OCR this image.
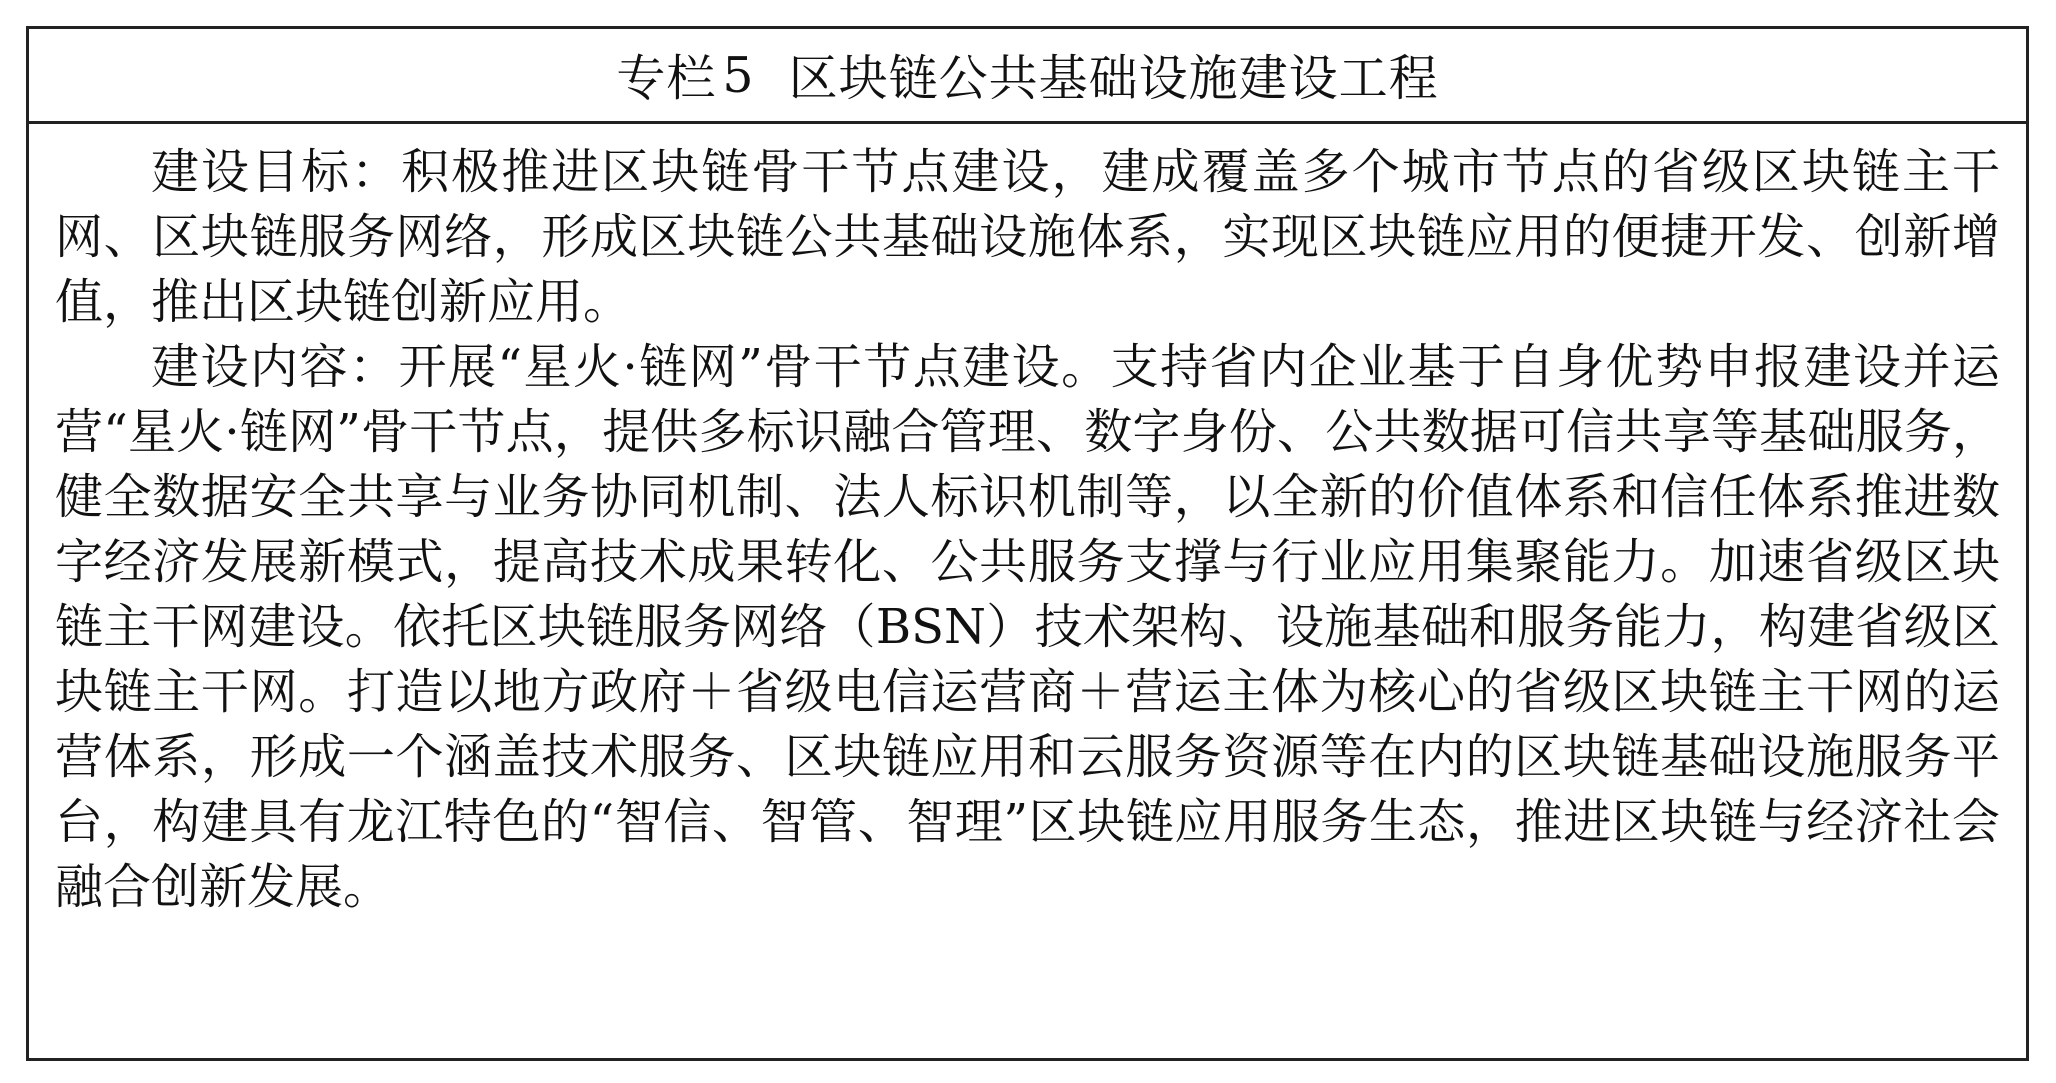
专栏 5 区块链公共基础设施建设工程

建设目标：积极推进区块链骨干节点建设，建成覆盖多个城市节点的省级区块链主干网、区块链服务网络，形成区块链公共基础设施体系，实现区块链应用的便捷开发、创新增值，推出区块链创新应用。

建设内容：开展“星火·链网”骨干节点建设。支持省内企业基于自身优势申报建设并运营“星火·链网”骨干节点，提供多标识融合管理、数字身份、公共数据可信共享等基础服务，健全数据安全共享与业务协同机制、法人标识机制等，以全新的价值体系和信任体系推进数字经济发展新模式，提高技术成果转化、公共服务支撑与行业应用集聚能力。加速省级区块链主干网建设。依托区块链服务网络（BSN）技术架构、设施基础和服务能力，构建省级区块链主干网。打造以地方政府＋省级电信运营商＋营运主体为核心的省级区块链主干网的运营体系，形成一个涵盖技术服务、区块链应用和云服务资源等在内的区块链基础设施服务平台，构建具有龙江特色的“智信、智管、智理”区块链应用服务生态，推进区块链与经济社会融合创新发展。
